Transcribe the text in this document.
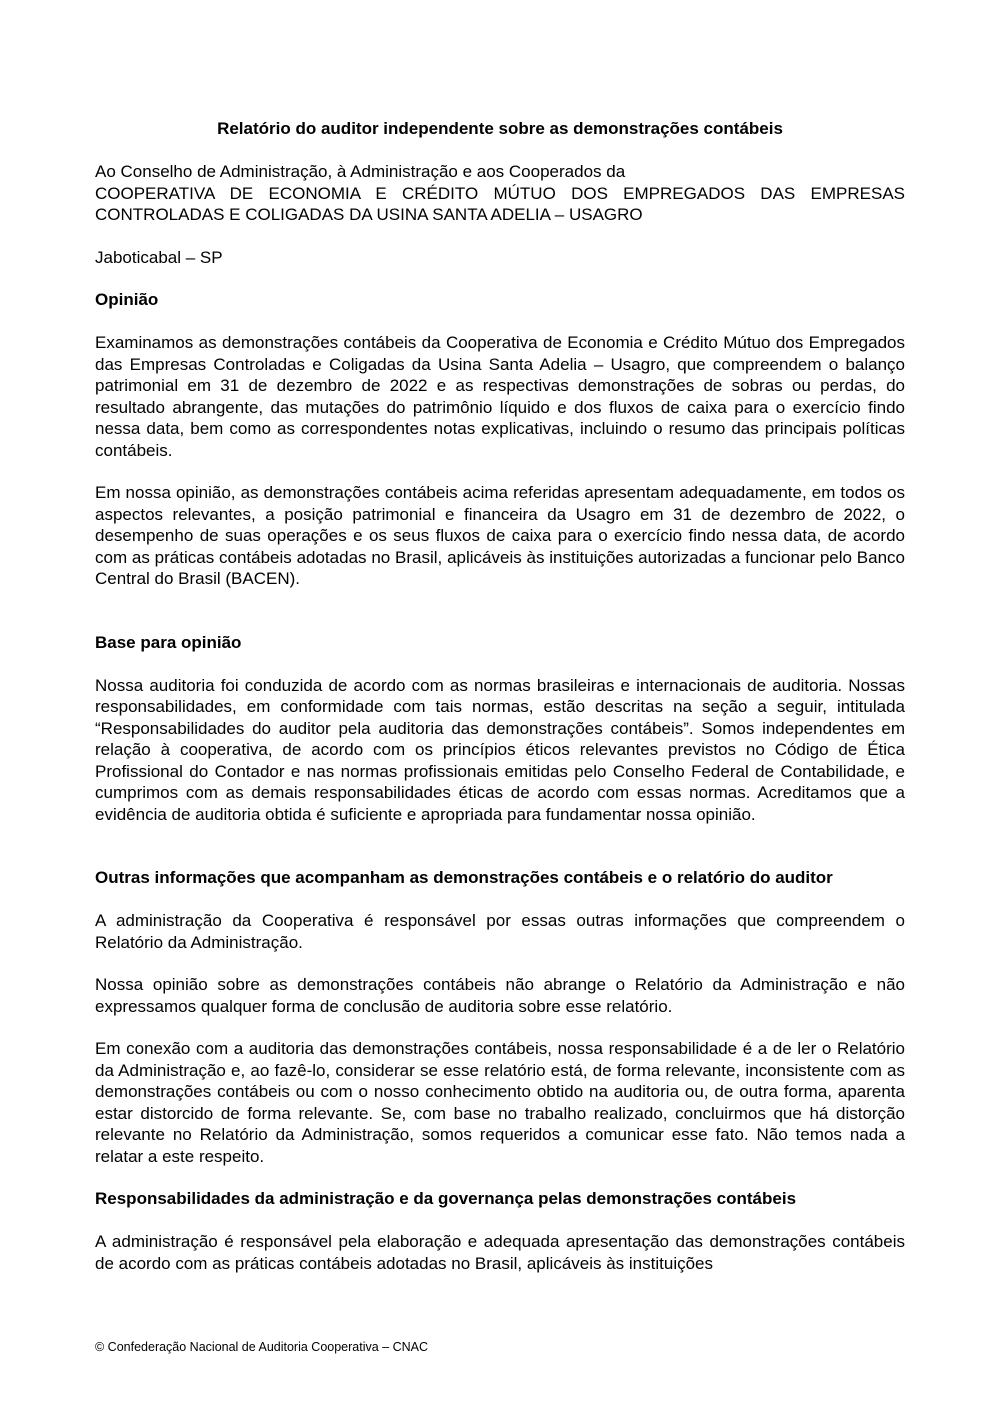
Relatório do auditor independente sobre as demonstrações contábeis
Ao Conselho de Administração, à Administração e aos Cooperados da
COOPERATIVA DE ECONOMIA E CRÉDITO MÚTUO DOS EMPREGADOS DAS EMPRESAS CONTROLADAS E COLIGADAS DA USINA SANTA ADELIA – USAGRO
Jaboticabal – SP
Opinião
Examinamos as demonstrações contábeis da Cooperativa de Economia e Crédito Mútuo dos Empregados das Empresas Controladas e Coligadas da Usina Santa Adelia – Usagro, que compreendem o balanço patrimonial em 31 de dezembro de 2022 e as respectivas demonstrações de sobras ou perdas, do resultado abrangente, das mutações do patrimônio líquido e dos fluxos de caixa para o exercício findo nessa data, bem como as correspondentes notas explicativas, incluindo o resumo das principais políticas contábeis.
Em nossa opinião, as demonstrações contábeis acima referidas apresentam adequadamente, em todos os aspectos relevantes, a posição patrimonial e financeira da Usagro em 31 de dezembro de 2022, o desempenho de suas operações e os seus fluxos de caixa para o exercício findo nessa data, de acordo com as práticas contábeis adotadas no Brasil, aplicáveis às instituições autorizadas a funcionar pelo Banco Central do Brasil (BACEN).
Base para opinião
Nossa auditoria foi conduzida de acordo com as normas brasileiras e internacionais de auditoria. Nossas responsabilidades, em conformidade com tais normas, estão descritas na seção a seguir, intitulada “Responsabilidades do auditor pela auditoria das demonstrações contábeis”. Somos independentes em relação à cooperativa, de acordo com os princípios éticos relevantes previstos no Código de Ética Profissional do Contador e nas normas profissionais emitidas pelo Conselho Federal de Contabilidade, e cumprimos com as demais responsabilidades éticas de acordo com essas normas. Acreditamos que a evidência de auditoria obtida é suficiente e apropriada para fundamentar nossa opinião.
Outras informações que acompanham as demonstrações contábeis e o relatório do auditor
A administração da Cooperativa é responsável por essas outras informações que compreendem o Relatório da Administração.
Nossa opinião sobre as demonstrações contábeis não abrange o Relatório da Administração e não expressamos qualquer forma de conclusão de auditoria sobre esse relatório.
Em conexão com a auditoria das demonstrações contábeis, nossa responsabilidade é a de ler o Relatório da Administração e, ao fazê-lo, considerar se esse relatório está, de forma relevante, inconsistente com as demonstrações contábeis ou com o nosso conhecimento obtido na auditoria ou, de outra forma, aparenta estar distorcido de forma relevante. Se, com base no trabalho realizado, concluirmos que há distorção relevante no Relatório da Administração, somos requeridos a comunicar esse fato. Não temos nada a relatar a este respeito.
Responsabilidades da administração e da governança pelas demonstrações contábeis
A administração é responsável pela elaboração e adequada apresentação das demonstrações contábeis de acordo com as práticas contábeis adotadas no Brasil, aplicáveis às instituições
© Confederação Nacional de Auditoria Cooperativa – CNAC
